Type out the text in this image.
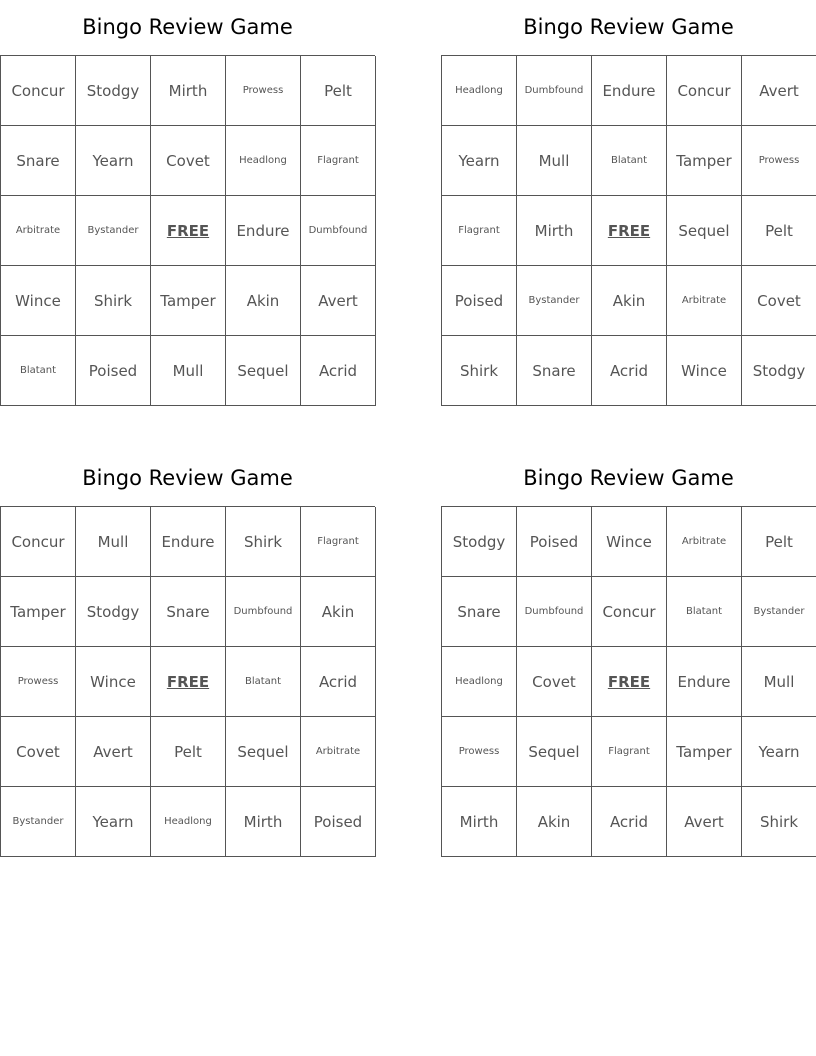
Bingo Review Game
Concur	Stodgy	Mirth	Prowess	Pelt
Snare	Yearn	Covet	Headlong	Flagrant
Arbitrate	Bystander	FREE	Endure	Dumbfound
Wince	Shirk	Tamper	Akin	Avert
Blatant	Poised	Mull	Sequel	Acrid
Bingo Review Game
Headlong	Dumbfound	Endure	Concur	Avert
Yearn	Mull	Blatant	Tamper	Prowess
Flagrant	Mirth	FREE	Sequel	Pelt
Poised	Bystander	Akin	Arbitrate	Covet
Shirk	Snare	Acrid	Wince	Stodgy
Bingo Review Game
Concur	Mull	Endure	Shirk	Flagrant
Tamper	Stodgy	Snare	Dumbfound	Akin
Prowess	Wince	FREE	Blatant	Acrid
Covet	Avert	Pelt	Sequel	Arbitrate
Bystander	Yearn	Headlong	Mirth	Poised
Bingo Review Game
Stodgy	Poised	Wince	Arbitrate	Pelt
Snare	Dumbfound	Concur	Blatant	Bystander
Headlong	Covet	FREE	Endure	Mull
Prowess	Sequel	Flagrant	Tamper	Yearn
Mirth	Akin	Acrid	Avert	Shirk
